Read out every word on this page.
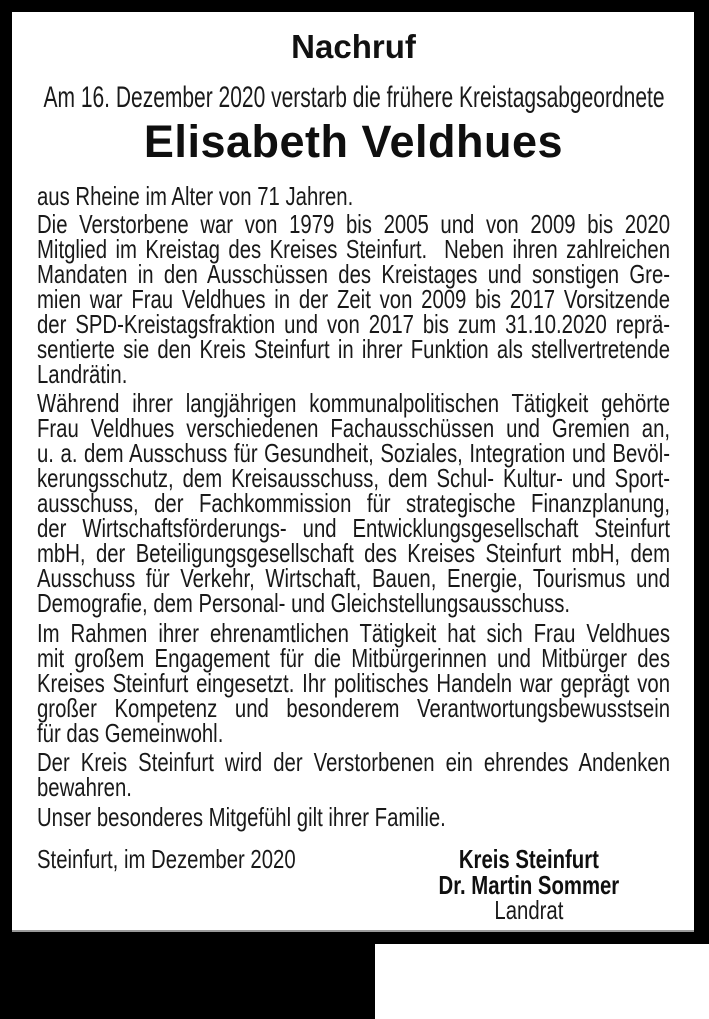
Nachruf
Am 16. Dezember 2020 verstarb die frühere Kreistagsabgeordnete
Elisabeth Veldhues
aus Rheine im Alter von 71 Jahren.
Die Verstorbene war von 1979 bis 2005 und von 2009 bis 2020
Mitglied im Kreistag des Kreises Steinfurt.  Neben ihren zahlreichen
Mandaten in den Ausschüssen des Kreistages und sonstigen Gre-
mien war Frau Veldhues in der Zeit von 2009 bis 2017 Vorsitzende
der SPD-Kreistagsfraktion und von 2017 bis zum 31.10.2020 reprä-
sentierte sie den Kreis Steinfurt in ihrer Funktion als stellvertretende
Landrätin.
Während ihrer langjährigen kommunalpolitischen Tätigkeit gehörte
Frau Veldhues verschiedenen Fachausschüssen und Gremien an,
u. a. dem Ausschuss für Gesundheit, Soziales, Integration und Bevöl-
kerungsschutz, dem Kreisausschuss, dem Schul- Kultur- und Sport-
ausschuss, der Fachkommission für strategische Finanzplanung,
der Wirtschaftsförderungs- und Entwicklungsgesellschaft Steinfurt
mbH, der Beteiligungsgesellschaft des Kreises Steinfurt mbH, dem
Ausschuss für Verkehr, Wirtschaft, Bauen, Energie, Tourismus und
Demografie, dem Personal- und Gleichstellungsausschuss.
Im Rahmen ihrer ehrenamtlichen Tätigkeit hat sich Frau Veldhues
mit großem Engagement für die Mitbürgerinnen und Mitbürger des
Kreises Steinfurt eingesetzt. Ihr politisches Handeln war geprägt von
großer Kompetenz und besonderem Verantwortungsbewusstsein
für das Gemeinwohl.
Der Kreis Steinfurt wird der Verstorbenen ein ehrendes Andenken
bewahren.
Unser besonderes Mitgefühl gilt ihrer Familie.
Steinfurt, im Dezember 2020	Kreis Steinfurt
Dr. Martin Sommer
Landrat
